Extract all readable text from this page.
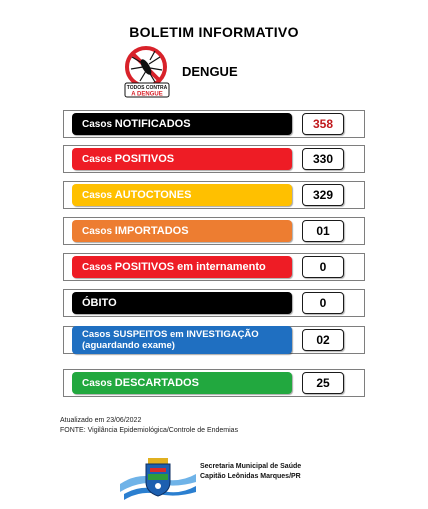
BOLETIM INFORMATIVO
TODOS CONTRA
A DENGUE
DENGUE
Casos NOTIFICADOS	358
Casos POSITIVOS	330
Casos AUTOCTONES	329
Casos IMPORTADOS	01
Casos POSITIVOS em internamento	0
ÓBITO	0
Casos SUSPEITOS em INVESTIGAÇÃO
(aguardando exame)	02
Casos DESCARTADOS	25
Atualizado em 23/06/2022
FONTE: Vigilância Epidemiológica/Controle de Endemias
Secretaria Municipal de Saúde
Capitão Leônidas Marques/PR
